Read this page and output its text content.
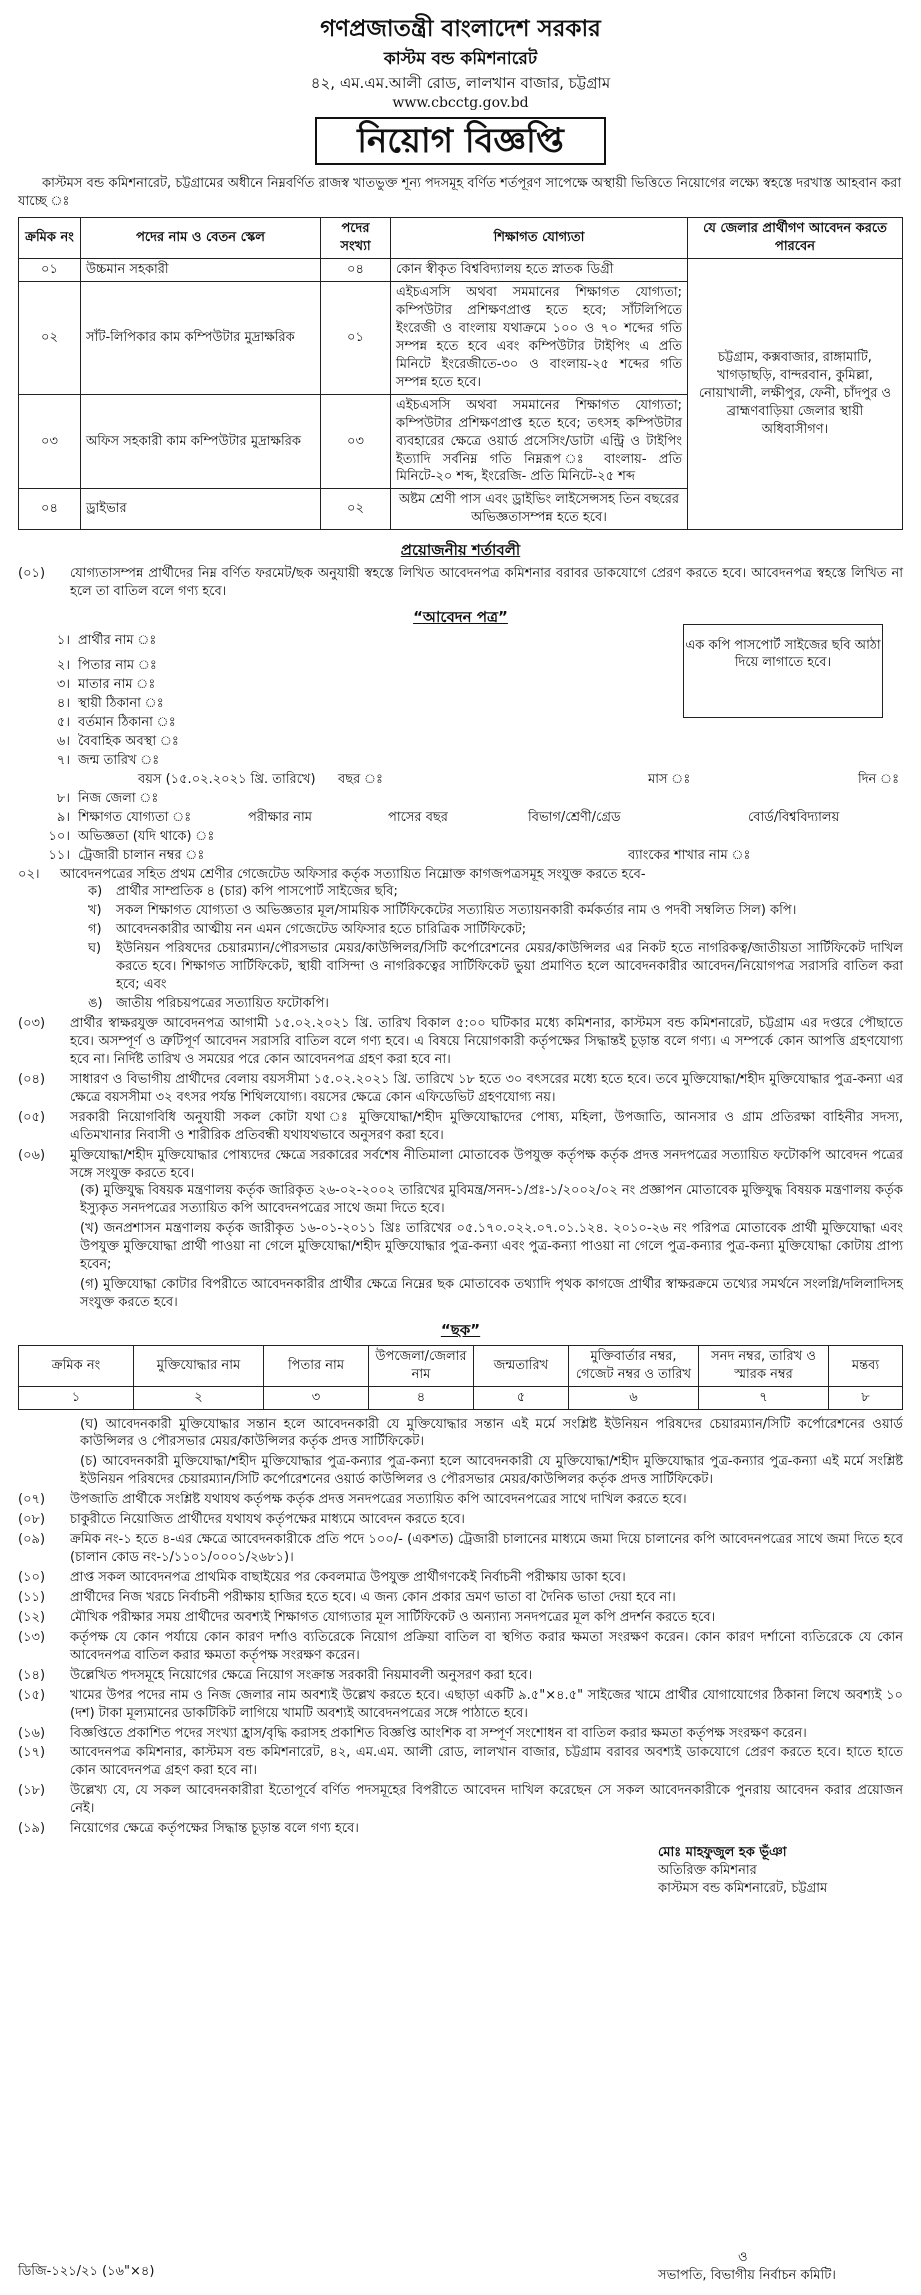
গণপ্রজাতন্ত্রী বাংলাদেশ সরকার
কাস্টম বন্ড কমিশনারেট
৪২, এম.এম.আলী রোড, লালখান বাজার, চট্টগ্রাম
www.cbcctg.gov.bd
নিয়োগ বিজ্ঞপ্তি
কাস্টমস বন্ড কমিশনারেট, চট্টগ্রামের অধীনে নিম্নবর্ণিত রাজস্ব খাতভুক্ত শূন্য পদসমূহ বর্ণিত শর্তপূরণ সাপেক্ষে অস্থায়ী ভিত্তিতে নিয়োগের লক্ষ্যে স্বহস্তে দরখাস্ত আহবান করা যাচ্ছে ঃ
ক্রমিক নং	পদের নাম ও বেতন স্কেল	পদের সংখ্যা	শিক্ষাগত যোগ্যতা	যে জেলার প্রার্থীগণ আবেদন করতে পারবেন
০১	উচ্চমান সহকারী	০৪	কোন স্বীকৃত বিশ্ববিদ্যালয় হতে স্নাতক ডিগ্রী	চট্টগ্রাম, কক্সবাজার, রাঙ্গামাটি, খাগড়াছড়ি, বান্দরবান, কুমিল্লা, নোয়াখালী, লক্ষীপুর, ফেনী, চাঁদপুর ও ব্রাহ্মণবাড়িয়া জেলার স্থায়ী অধিবাসীগণ।
০২	সাঁট-লিপিকার কাম কম্পিউটার মুদ্রাক্ষরিক	০১	এইচএসসি অথবা সমমানের শিক্ষাগত যোগ্যতা; কম্পিউটার প্রশিক্ষণপ্রাপ্ত হতে হবে; সাঁটলিপিতে ইংরেজী ও বাংলায় যথাক্রমে ১০০ ও ৭০ শব্দের গতি সম্পন্ন হতে হবে এবং কম্পিউটার টাইপিং এ প্রতি মিনিটে ইংরেজীতে-৩০ ও বাংলায়-২৫ শব্দের গতি সম্পন্ন হতে হবে।	
০৩	অফিস সহকারী কাম কম্পিউটার মুদ্রাক্ষরিক	০৩	এইচএসসি অথবা সমমানের শিক্ষাগত যোগ্যতা; কম্পিউটার প্রশিক্ষণপ্রাপ্ত হতে হবে; তৎসহ কম্পিউটার ব্যবহারের ক্ষেত্রে ওয়ার্ড প্রসেসিং/ডাটা এন্ট্রি ও টাইপিং ইত্যাদি সর্বনিম্ন গতি নিম্নরূপ ঃ বাংলায়- প্রতি মিনিটে-২০ শব্দ, ইংরেজি- প্রতি মিনিটে-২৫ শব্দ	
০৪	ড্রাইভার	০২	অষ্টম শ্রেণী পাস এবং ড্রাইভিং লাইসেন্সসহ তিন বছরের অভিজ্ঞতাসম্পন্ন হতে হবে।	
প্রয়োজনীয় শর্তাবলী
(০১)	যোগ্যতাসম্পন্ন প্রার্থীদের নিম্ন বর্ণিত ফরমেট/ছক অনুযায়ী স্বহস্তে লিখিত আবেদনপত্র কমিশনার বরাবর ডাকযোগে প্রেরণ করতে হবে। আবেদনপত্র স্বহস্তে লিখিত না হলে তা বাতিল বলে গণ্য হবে।
“আবেদন পত্র”
এক কপি পাসপোর্ট সাইজের ছবি আঠা দিয়ে লাগাতে হবে।
১। প্রার্থীর নাম ঃ
২। পিতার নাম ঃ
৩। মাতার নাম ঃ
৪। স্থায়ী ঠিকানা ঃ
৫। বর্তমান ঠিকানা ঃ
৬। বৈবাহিক অবস্থা ঃ
৭। জন্ম তারিখ ঃ
বয়স (১৫.০২.২০২১ খ্রি. তারিখে)	বছর ঃ	মাস ঃ	দিন ঃ
৮। নিজ জেলা ঃ
৯। শিক্ষাগত যোগ্যতা ঃ	পরীক্ষার নাম	পাসের বছর	বিভাগ/শ্রেণী/গ্রেড	বোর্ড/বিশ্ববিদ্যালয়
১০। অভিজ্ঞতা (যদি থাকে) ঃ
১১। ট্রেজারী চালান নম্বর ঃ	ব্যাংকের শাখার নাম ঃ
০২।	আবেদনপত্রের সহিত প্রথম শ্রেণীর গেজেটেড অফিসার কর্তৃক সত্যায়িত নিম্নোক্ত কাগজপত্রসমূহ সংযুক্ত করতে হবে-
ক)	প্রার্থীর সাম্প্রতিক ৪ (চার) কপি পাসপোর্ট সাইজের ছবি;
খ)	সকল শিক্ষাগত যোগ্যতা ও অভিজ্ঞতার মূল/সাময়িক সার্টিফিকেটের সত্যায়িত সত্যায়নকারী কর্মকর্তার নাম ও পদবী সম্বলিত সিল) কপি।
গ)	আবেদনকারীর আত্মীয় নন এমন গেজেটেড অফিসার হতে চারিত্রিক সার্টিফিকেট;
ঘ)	ইউনিয়ন পরিষদের চেয়ারম্যান/পৌরসভার মেয়র/কাউন্সিলর/সিটি কর্পোরেশনের মেয়র/কাউন্সিলর এর নিকট হতে নাগরিকত্ব/জাতীয়তা সার্টিফিকেট দাখিল করতে হবে। শিক্ষাগত সার্টিফিকেট, স্থায়ী বাসিন্দা ও নাগরিকত্বের সার্টিফিকেট ভুয়া প্রমাণিত হলে আবেদনকারীর আবেদন/নিয়োগপত্র সরাসরি বাতিল করা হবে; এবং
ঙ)	জাতীয় পরিচয়পত্রের সত্যায়িত ফটোকপি।
(০৩)	প্রার্থীর স্বাক্ষরযুক্ত আবেদনপত্র আগামী ১৫.০২.২০২১ খ্রি. তারিখ বিকাল ৫:০০ ঘটিকার মধ্যে কমিশনার, কাস্টমস বন্ড কমিশনারেট, চট্টগ্রাম এর দপ্তরে পৌছাতে হবে। অসম্পূর্ণ ও ত্রুটিপূর্ণ আবেদন সরাসরি বাতিল বলে গণ্য হবে। এ বিষয়ে নিয়োগকারী কর্তৃপক্ষের সিদ্ধান্তই চূড়ান্ত বলে গণ্য। এ সম্পর্কে কোন আপত্তি গ্রহণযোগ্য হবে না। নির্দিষ্ট তারিখ ও সময়ের পরে কোন আবেদনপত্র গ্রহণ করা হবে না।
(০৪)	সাধারণ ও বিভাগীয় প্রার্থীদের বেলায় বয়সসীমা ১৫.০২.২০২১ খ্রি. তারিখে ১৮ হতে ৩০ বৎসরের মধ্যে হতে হবে। তবে মুক্তিযোদ্ধা/শহীদ মুক্তিযোদ্ধার পুত্র-কন্যা এর ক্ষেত্রে বয়সসীমা ৩২ বৎসর পর্যন্ত শিথিলযোগ্য। বয়সের ক্ষেত্রে কোন এফিডেভিট গ্রহণযোগ্য নয়।
(০৫)	সরকারী নিয়োগবিধি অনুযায়ী সকল কোটা যথা ঃ মুক্তিযোদ্ধা/শহীদ মুক্তিযোদ্ধাদের পোষ্য, মহিলা, উপজাতি, আনসার ও গ্রাম প্রতিরক্ষা বাহিনীর সদস্য, এতিমখানার নিবাসী ও শারীরিক প্রতিবন্ধী যথাযথভাবে অনুসরণ করা হবে।
(০৬)	মুক্তিযোদ্ধা/শহীদ মুক্তিযোদ্ধার পোষ্যদের ক্ষেত্রে সরকারের সর্বশেষ নীতিমালা মোতাবেক উপযুক্ত কর্তৃপক্ষ কর্তৃক প্রদত্ত সনদপত্রের সত্যায়িত ফটোকপি আবেদন পত্রের সঙ্গে সংযুক্ত করতে হবে।
(ক) মুক্তিযুদ্ধ বিষয়ক মন্ত্রণালয় কর্তৃক জারিকৃত ২৬-০২-২০০২ তারিখের মুবিমন্ত্র/সনদ-১/প্রঃ-১/২০০২/০২ নং প্রজ্ঞাপন মোতাবেক মুক্তিযুদ্ধ বিষয়ক মন্ত্রণালয় কর্তৃক ইস্যুকৃত সনদপত্রের সত্যায়িত কপি আবেদনপত্রের সাথে জমা দিতে হবে।
(খ) জনপ্রশাসন মন্ত্রণালয় কর্তৃক জারীকৃত ১৬-০১-২০১১ খ্রিঃ তারিখের ০৫.১৭০.০২২.০৭.০১.১২৪. ২০১০-২৬ নং পরিপত্র মোতাবেক প্রার্থী মুক্তিযোদ্ধা এবং উপযুক্ত মুক্তিযোদ্ধা প্রার্থী পাওয়া না গেলে মুক্তিযোদ্ধা/শহীদ মুক্তিযোদ্ধার পুত্র-কন্যা এবং পুত্র-কন্যা পাওয়া না গেলে পুত্র-কন্যার পুত্র-কন্যা মুক্তিযোদ্ধা কোটায় প্রাপ্য হবেন;
(গ) মুক্তিযোদ্ধা কোটার বিপরীতে আবেদনকারীর প্রার্থীর ক্ষেত্রে নিম্নের ছক মোতাবেক তথ্যাদি পৃথক কাগজে প্রার্থীর স্বাক্ষরক্রমে তথ্যের সমর্থনে সংলগ্নি/দলিলাদিসহ সংযুক্ত করতে হবে।
“ছক”
ক্রমিক নং	মুক্তিযোদ্ধার নাম	পিতার নাম	উপজেলা/জেলার নাম	জন্মতারিখ	মুক্তিবার্তার নম্বর, গেজেট নম্বর ও তারিখ	সনদ নম্বর, তারিখ ও স্মারক নম্বর	মন্তব্য
১	২	৩	৪	৫	৬	৭	৮
(ঘ) আবেদনকারী মুক্তিযোদ্ধার সন্তান হলে আবেদনকারী যে মুক্তিযোদ্ধার সন্তান এই মর্মে সংশ্লিষ্ট ইউনিয়ন পরিষদের চেয়ারম্যান/সিটি কর্পোরেশনের ওয়ার্ড কাউন্সিলর ও পৌরসভার মেয়র/কাউন্সিলর কর্তৃক প্রদত্ত সার্টিফিকেট।
(চ) আবেদনকারী মুক্তিযোদ্ধা/শহীদ মুক্তিযোদ্ধার পুত্র-কন্যার পুত্র-কন্যা হলে আবেদনকারী যে মুক্তিযোদ্ধা/শহীদ মুক্তিযোদ্ধার পুত্র-কন্যার পুত্র-কন্যা এই মর্মে সংশ্লিষ্ট ইউনিয়ন পরিষদের চেয়ারম্যান/সিটি কর্পোরেশনের ওয়ার্ড কাউন্সিলর ও পৌরসভার মেয়র/কাউন্সিলর কর্তৃক প্রদত্ত সার্টিফিকেট।
(০৭)	উপজাতি প্রার্থীকে সংশ্লিষ্ট যথাযথ কর্তৃপক্ষ কর্তৃক প্রদত্ত সনদপত্রের সত্যায়িত কপি আবেদনপত্রের সাথে দাখিল করতে হবে।
(০৮)	চাকুরীতে নিয়োজিত প্রার্থীদের যথাযথ কর্তৃপক্ষের মাধ্যমে আবেদন করতে হবে।
(০৯)	ক্রমিক নং-১ হতে ৪-এর ক্ষেত্রে আবেদনকারীকে প্রতি পদে ১০০/- (একশত) ট্রেজারী চালানের মাধ্যমে জমা দিয়ে চালানের কপি আবেদনপত্রের সাথে জমা দিতে হবে (চালান কোড নং-১/১১০১/০০০১/২৬৮১)।
(১০)	প্রাপ্ত সকল আবেদনপত্র প্রাথমিক বাছাইয়ের পর কেবলমাত্র উপযুক্ত প্রার্থীগণকেই নির্বাচনী পরীক্ষায় ডাকা হবে।
(১১)	প্রার্থীদের নিজ খরচে নির্বাচনী পরীক্ষায় হাজির হতে হবে। এ জন্য কোন প্রকার ভ্রমণ ভাতা বা দৈনিক ভাতা দেয়া হবে না।
(১২)	মৌখিক পরীক্ষার সময় প্রার্থীদের অবশ্যই শিক্ষাগত যোগ্যতার মূল সার্টিফিকেট ও অন্যান্য সনদপত্রের মূল কপি প্রদর্শন করতে হবে।
(১৩)	কর্তৃপক্ষ যে কোন পর্যায়ে কোন কারণ দর্শাও ব্যতিরেকে নিয়োগ প্রক্রিয়া বাতিল বা স্থগিত করার ক্ষমতা সংরক্ষণ করেন। কোন কারণ দর্শানো ব্যতিরেকে যে কোন আবেদনপত্র বাতিল করার ক্ষমতা কর্তৃপক্ষ সংরক্ষণ করেন।
(১৪)	উল্লেখিত পদসমূহে নিয়োগের ক্ষেত্রে নিয়োগ সংক্রান্ত সরকারী নিয়মাবলী অনুসরণ করা হবে।
(১৫)	খামের উপর পদের নাম ও নিজ জেলার নাম অবশ্যই উল্লেখ করতে হবে। এছাড়া একটি ৯.৫"×৪.৫" সাইজের খামে প্রার্থীর যোগাযোগের ঠিকানা লিখে অবশ্যই ১০ (দশ) টাকা মূল্যমানের ডাকটিকিট লাগিয়ে খামটি অবশ্যই আবেদনপত্রের সঙ্গে পাঠাতে হবে।
(১৬)	বিজ্ঞপ্তিতে প্রকাশিত পদের সংখ্যা হ্রাস/বৃদ্ধি করাসহ প্রকাশিত বিজ্ঞপ্তি আংশিক বা সম্পূর্ণ সংশোধন বা বাতিল করার ক্ষমতা কর্তৃপক্ষ সংরক্ষণ করেন।
(১৭)	আবেদনপত্র কমিশনার, কাস্টমস বন্ড কমিশনারেট, ৪২, এম.এম. আলী রোড, লালখান বাজার, চট্টগ্রাম বরাবর অবশ্যই ডাকযোগে প্রেরণ করতে হবে। হাতে হাতে কোন আবেদনপত্র গ্রহণ করা হবে না।
(১৮)	উল্লেখ্য যে, যে সকল আবেদনকারীরা ইতোপূর্বে বর্ণিত পদসমূহের বিপরীতে আবেদন দাখিল করেছেন সে সকল আবেদনকারীকে পুনরায় আবেদন করার প্রয়োজন নেই।
(১৯)	নিয়োগের ক্ষেত্রে কর্তৃপক্ষের সিদ্ধান্ত চূড়ান্ত বলে গণ্য হবে।
মোঃ মাহফুজুল হক ভূঁঞা
অতিরিক্ত কমিশনার
কাস্টমস বন্ড কমিশনারেট, চট্টগ্রাম
ডিজি-১২১/২১ (১৬"×৪)
ও
সভাপতি, বিভাগীয় নির্বাচন কমিটি।
